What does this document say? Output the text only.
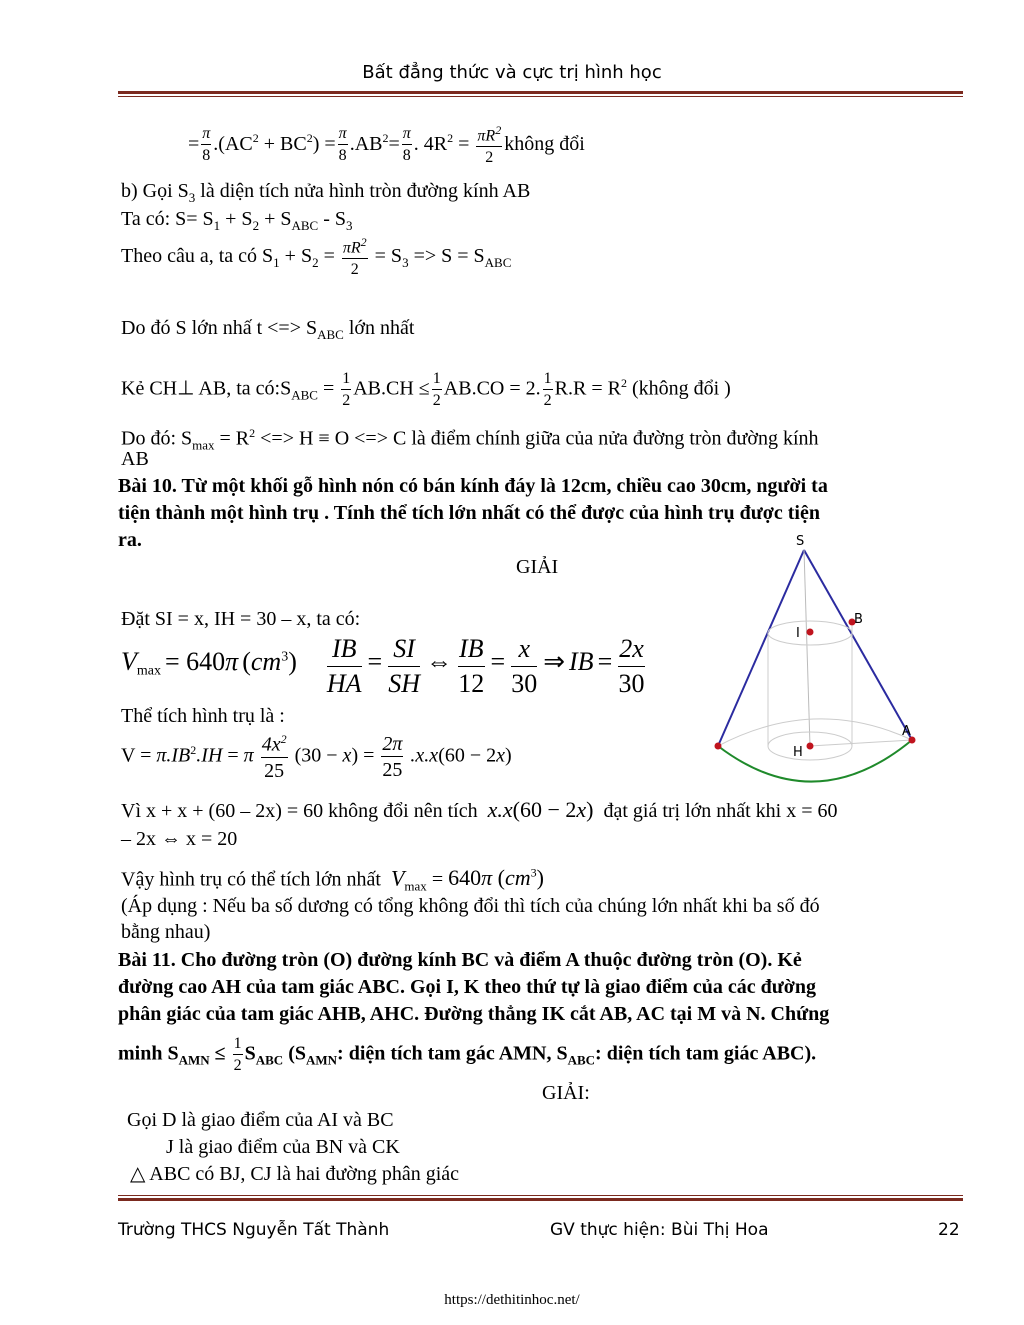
Bất đẳng thức và cực trị hình học
= $\frac{\pi}{8} .(AC^2 + BC^2) = \frac{\pi}{8} .AB^2= \frac{\pi}{8}$ . $4R^2 = \frac{\pi R^2}{2}$ không đổi
b) Gọi $S_3$ là diện tích nửa hình tròn đường kính AB
Ta có: $S= S_1 + S_2 + S_{ABC} - S_3$
Theo câu a, ta có $S_1 + S_2 = \frac{\pi R^2}{2} = S_3 => S = S_{ABC}$
Do đó S lớn nhấ t <=> $S_{ABC}$ lớn nhất
Kẻ CH⊥ AB, ta $có:S_{ABC} = \frac{1}{2} AB.CH \le \frac{1}{2} AB.CO = 2$. $\frac{1}{2} R.R = R^2$ (không đổi )
Do đó: $S_{max} = R^2$ <=> H ≡ O <=> C là điểm chính giữa của nửa đường tròn đường kính
AB
Bài 10. Từ một khối gỗ hình nón có bán kính đáy là 12cm, chiều cao 30cm, người ta
tiện thành một hình trụ . Tính thể tích lớn nhất có thể được của hình trụ được tiện
ra.
GIẢI
Đặt SI = x, IH = 30 – x, ta có:
$V_{max} = 640\pi$ $(cm^3) \frac{IB}{HA} = \frac{SI}{SH}$ ⇔ $\frac{IB}{12} = \frac{x}{30}$ ⇒ IB = $\frac{2x}{30}$
Thể tích hình trụ là :
$V = \pi.IB^2.IH = \pi \frac{4x^2}{25} (30 - x) = \frac{2\pi}{25} .x.x(60 - 2x)$
Vì x + x + (60 – 2x) = 60 không đổi nên tích x.x(60 − 2x) đạt giá trị lớn nhất khi x = 60
– 2x ⇔ x = 20
Vậy hình trụ có thể tích lớn nhất $V_{max} = 640\pi$ $(cm^3)$
(Áp dụng : Nếu ba số dương có tổng không đổi thì tích của chúng lớn nhất khi ba số đó
bằng nhau)
Bài 11. Cho đường tròn (O) đường kính BC và điểm A thuộc đường tròn (O). Kẻ
đường cao AH của tam giác ABC. Gọi I, K theo thứ tự là giao điểm của các đường
phân giác của tam giác AHB, AHC. Đường thẳng IK cắt AB, AC tại M và N. Chứng
minh $S_{AMN} \le \frac{1}{2} S_{ABC}$ ($S_{AMN}$: diện tích tam gác AMN, $S_{ABC}$: diện tích tam giác ABC).
GIẢI:
Gọi D là giao điểm của AI và BC
J là giao điểm của BN và CK
△ ABC có BJ, CJ là hai đường phân giác
S
I
B
A
H
Trường THCS Nguyễn Tất Thành	GV thực hiện: Bùi Thị Hoa	22
https://dethitinhoc.net/
